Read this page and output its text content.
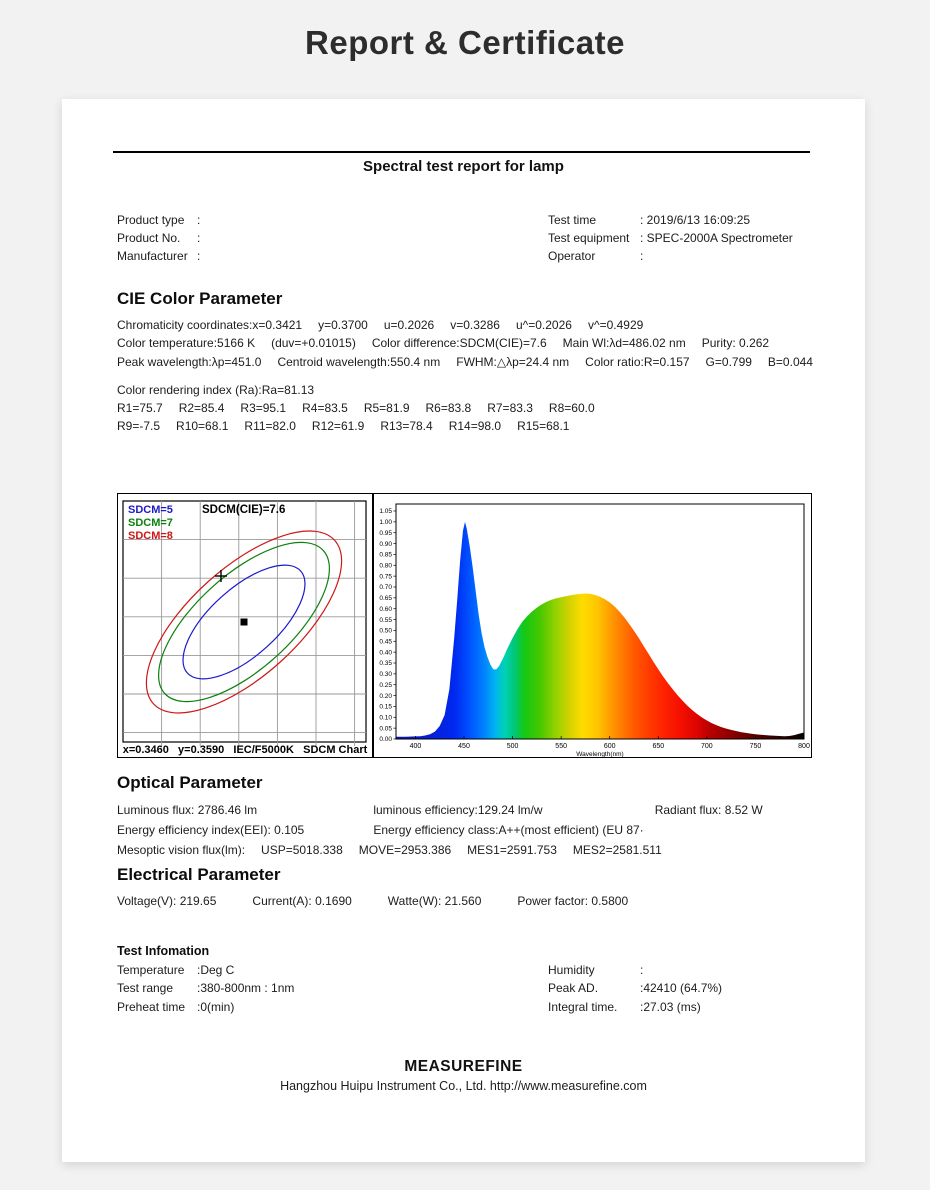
Report & Certificate
Spectral test report for lamp
Product type	:
Product No.	:
Manufacturer :
Test time	: 2019/6/13 16:09:25
Test equipment : SPEC-2000A Spectrometer
Operator	:
CIE Color Parameter
Chromaticity coordinates:x=0.3421 y=0.3700 u=0.2026 v=0.3286 u^=0.2026 v^=0.4929
Color temperature:5166 K (duv=+0.01015) Color difference:SDCM(CIE)=7.6 Main Wl:λd=486.02 nm Purity: 0.262
Peak wavelength:λp=451.0 Centroid wavelength:550.4 nm FWHM:△λp=24.4 nm Color ratio:R=0.157 G=0.799 B=0.044
Color rendering index (Ra):Ra=81.13
R1=75.7 R2=85.4 R3=95.1 R4=83.5 R5=81.9 R6=83.8 R7=83.3 R8=60.0
R9=-7.5 R10=68.1 R11=82.0 R12=61.9 R13=78.4 R14=98.0 R15=68.1
SDCM=5
SDCM=7
SDCM=8
SDCM(CIE)=7.6
x=0.3460   y=0.3590   IEC/F5000K   SDCM Chart
0.00
0.05
0.10
0.15
0.20
0.25
0.30
0.35
0.40
0.45
0.50
0.55
0.60
0.65
0.70
0.75
0.80
0.85
0.90
0.95
1.00
1.05
400	450	500	550	600	650	700	750	800
Wavelength(nm)
Optical Parameter
Luminous flux: 2786.46 lm	luminous efficiency:129.24 lm/w	Radiant flux: 8.52 W
Energy efficiency index(EEI): 0.105	Energy efficiency class:A++(most efficient) (EU 87·
Mesoptic vision flux(lm): USP=5018.338 MOVE=2953.386 MES1=2591.753 MES2=2581.511
Electrical Parameter
Voltage(V): 219.65	Current(A): 0.1690	Watte(W): 21.560	Power factor: 0.5800
Test Infomation
Temperature	:Deg C
Test range	:380-800nm : 1nm
Preheat time :0(min)
Humidity	:
Peak AD.	:42410 (64.7%)
Integral time.	:27.03 (ms)
MEASUREFINE
Hangzhou Huipu Instrument Co., Ltd. http://www.measurefine.com
